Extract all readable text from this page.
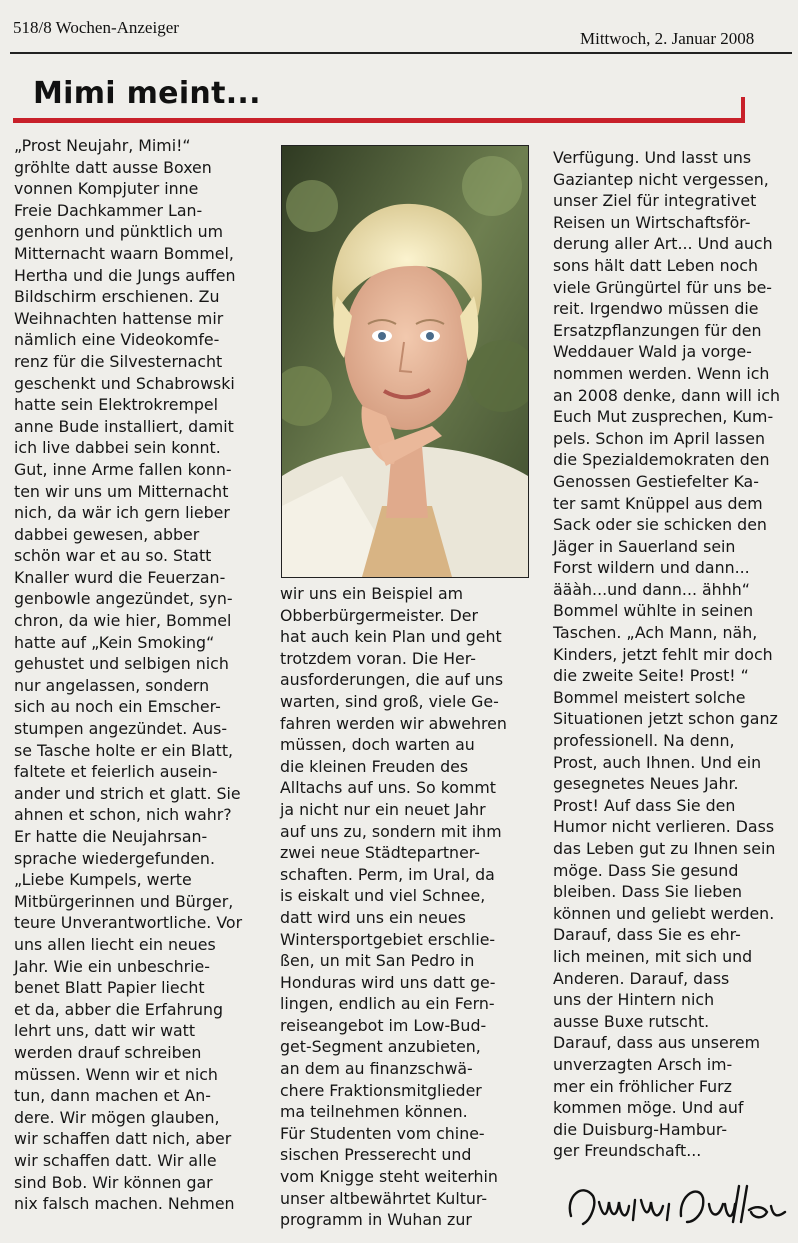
518/8 Wochen-Anzeiger
Mittwoch, 2. Januar 2008
Mimi meint...
„Prost Neujahr, Mimi!“
gröhlte datt ausse Boxen
vonnen Kompjuter inne
Freie Dachkammer Lan-
genhorn und pünktlich um
Mitternacht waarn Bommel,
Hertha und die Jungs auffen
Bildschirm erschienen. Zu
Weihnachten hattense mir
nämlich eine Videokomfe-
renz für die Silvesternacht
geschenkt und Schabrowski
hatte sein Elektrokrempel
anne Bude installiert, damit
ich live dabbei sein konnt.
Gut, inne Arme fallen konn-
ten wir uns um Mitternacht
nich, da wär ich gern lieber
dabbei gewesen, abber
schön war et au so. Statt
Knaller wurd die Feuerzan-
genbowle angezündet, syn-
chron, da wie hier, Bommel
hatte auf „Kein Smoking“
gehustet und selbigen nich
nur angelassen, sondern
sich au noch ein Emscher-
stumpen angezündet. Aus-
se Tasche holte er ein Blatt,
faltete et feierlich ausein-
ander und strich et glatt. Sie
ahnen et schon, nich wahr?
Er hatte die Neujahrsan-
sprache wiedergefunden.
„Liebe Kumpels, werte
Mitbürgerinnen und Bürger,
teure Unverantwortliche. Vor
uns allen liecht ein neues
Jahr. Wie ein unbeschrie-
benet Blatt Papier liecht
et da, abber die Erfahrung
lehrt uns, datt wir watt
werden drauf schreiben
müssen. Wenn wir et nich
tun, dann machen et An-
dere. Wir mögen glauben,
wir schaffen datt nich, aber
wir schaffen datt. Wir alle
sind Bob. Wir können gar
nix falsch machen. Nehmen

wir uns ein Beispiel am
Obberbürgermeister. Der
hat auch kein Plan und geht
trotzdem voran. Die Her-
ausforderungen, die auf uns
warten, sind groß, viele Ge-
fahren werden wir abwehren
müssen, doch warten au
die kleinen Freuden des
Alltachs auf uns. So kommt
ja nicht nur ein neuet Jahr
auf uns zu, sondern mit ihm
zwei neue Städtepartner-
schaften. Perm, im Ural, da
is eiskalt und viel Schnee,
datt wird uns ein neues
Wintersportgebiet erschlie-
ßen, un mit San Pedro in
Honduras wird uns datt ge-
lingen, endlich au ein Fern-
reiseangebot im Low-Bud-
get-Segment anzubieten,
an dem au finanzschwä-
chere Fraktionsmitglieder
ma teilnehmen können.
Für Studenten vom chine-
sischen Presserecht und
vom Knigge steht weiterhin
unser altbewährtet Kultur-
programm in Wuhan zur
Verfügung. Und lasst uns
Gaziantep nicht vergessen,
unser Ziel für integrativet
Reisen un Wirtschaftsför-
derung aller Art... Und auch
sons hält datt Leben noch
viele Grüngürtel für uns be-
reit. Irgendwo müssen die
Ersatzpflanzungen für den
Weddauer Wald ja vorge-
nommen werden. Wenn ich
an 2008 denke, dann will ich
Euch Mut zusprechen, Kum-
pels. Schon im April lassen
die Spezialdemokraten den
Genossen Gestiefelter Ka-
ter samt Knüppel aus dem
Sack oder sie schicken den
Jäger in Sauerland sein
Forst wildern und dann...
ääàh...und dann... ähhh“
Bommel wühlte in seinen
Taschen. „Ach Mann, näh,
Kinders, jetzt fehlt mir doch
die zweite Seite! Prost! “
Bommel meistert solche
Situationen jetzt schon ganz
professionell. Na denn,
Prost, auch Ihnen. Und ein
gesegnetes Neues Jahr.
Prost! Auf dass Sie den
Humor nicht verlieren. Dass
das Leben gut zu Ihnen sein
möge. Dass Sie gesund
bleiben. Dass Sie lieben
können und geliebt werden.
Darauf, dass Sie es ehr-
lich meinen, mit sich und
Anderen. Darauf, dass
uns der Hintern nich
ausse Buxe rutscht.
Darauf, dass aus unserem
unverzagten Arsch im-
mer ein fröhlicher Furz
kommen möge. Und auf
die Duisburg-Hambur-
ger Freundschaft...
